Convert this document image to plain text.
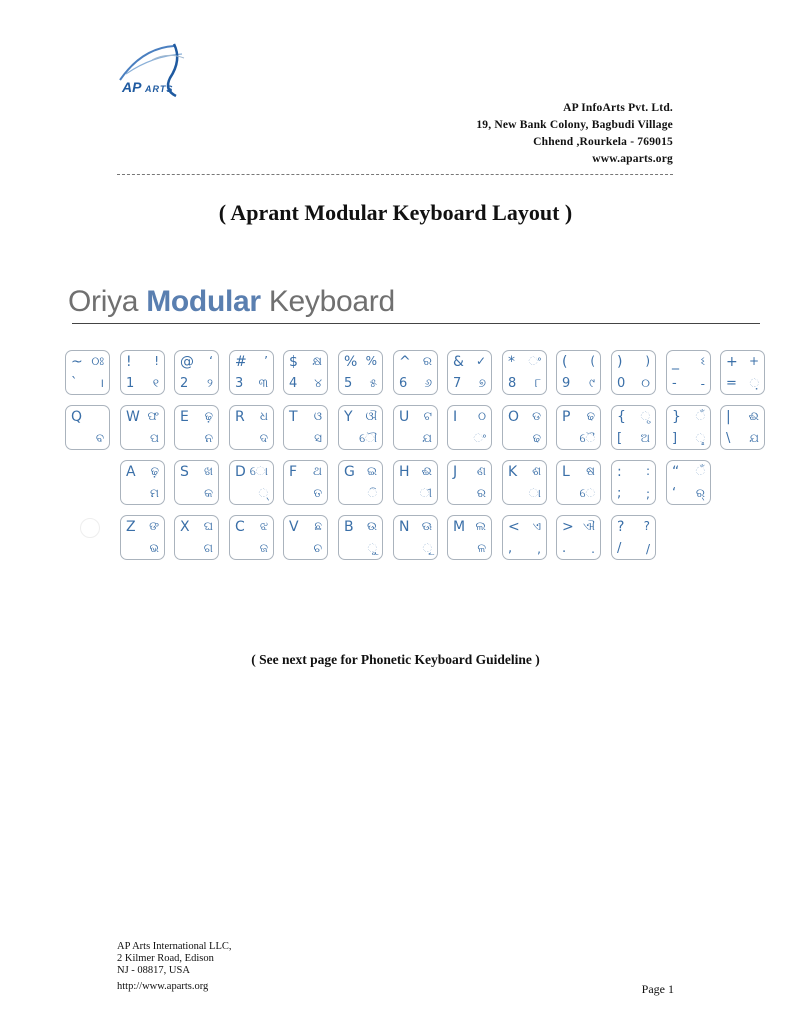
AP ARTS
AP InfoArts Pvt. Ltd.
19, New Bank Colony, Bagbudi Village
Chhend ,Rourkela - 769015
www.aparts.org
( Aprant Modular Keyboard Layout )
Oriya Modular Keyboard
~ ଠଃ
` ।
! !
1 ୧
@ ‘
2 ୨
# ’
3 ୩
$ କ୍ଷ
4 ୪
% %
5 ୫
^ ର
6 ୬
& ✓
7 ୭
* ◌ଂ
8 ୮
( (
9 ୯
) )
0 ୦
_ ଽ
- -
+ +
= ◌଼
Q
ବ
W ଫ
ପ
E ଢ଼
ନ
R ଧ
ଦ
T ଓ
ସ
Y ଔ
ୌ
U ଟ
ଯ
I ଠ
◌ଂ
O ଡ
ଢ
P ଢ
ୈ
{ ◌ୃ
[ ଅ
} ◌ଁ
] ୢ
| ଈ
\ ଯ
A ଢ଼
ମ
S ଖ
କ
D ୋ
◌୍
F ଥ
ତ
G ଇ
ି
H ଈ
ୀ
J ଣ
ର
K ଶ
ା
L ଷ
େ
: :
; ;
“ ◌ଁ
‘ ର୍
Z ଙ
ଭ
X ଘ
ଗ
C ଝ
ଜ
V ଛ
ଚ
B ଉ
ୁ
N ଊ
ୂ
M ଲ
ଳ
< ଏ
, ,
> ଐ
. .
? ?
/ /
( See next page for Phonetic Keyboard Guideline )
AP Arts International LLC,
2 Kilmer Road, Edison
NJ - 08817, USA
http://www.aparts.org	Page 1
